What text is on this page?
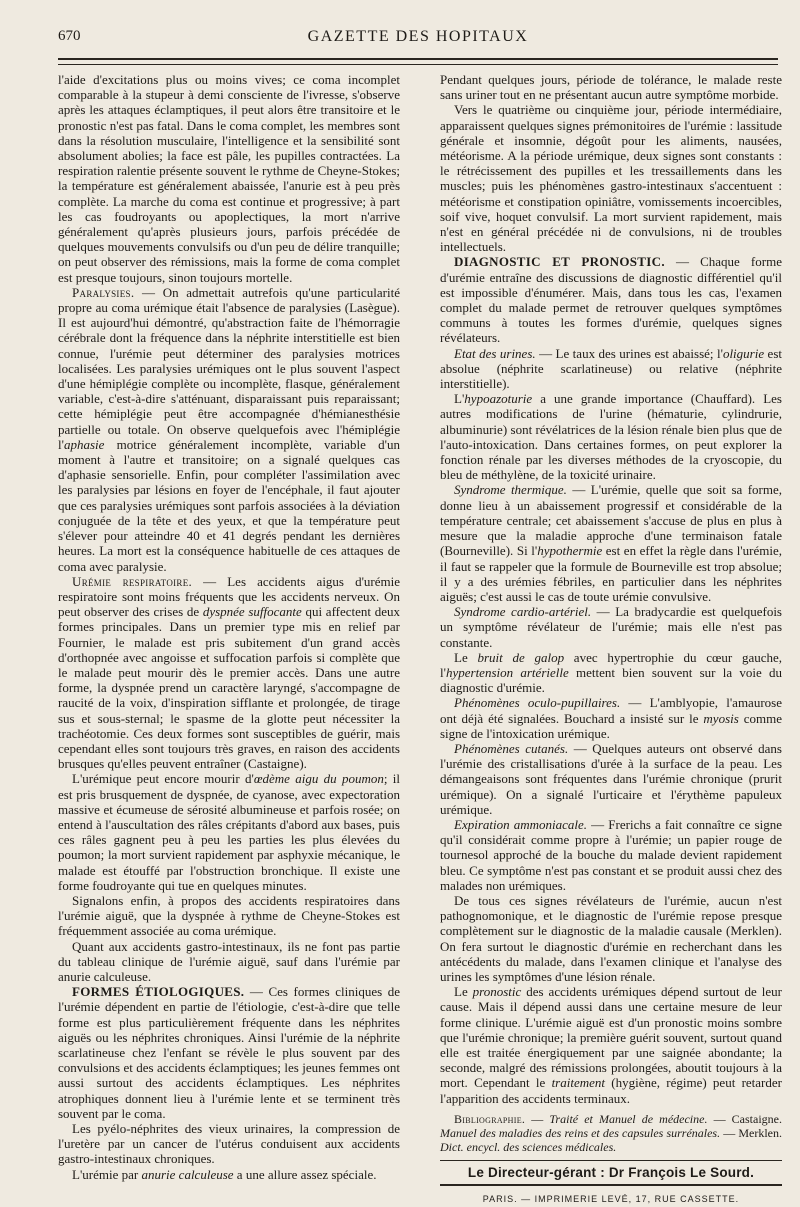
670	GAZETTE DES HOPITAUX

l'aide d'excitations plus ou moins vives; ce coma incomplet comparable à la stupeur à demi consciente de l'ivresse, s'observe après les attaques éclamptiques, il peut alors être transitoire et le pronostic n'est pas fatal. Dans le coma complet, les membres sont dans la résolution musculaire, l'intelligence et la sensibilité sont absolument abolies; la face est pâle, les pupilles contractées. La respiration ralentie présente souvent le rythme de Cheyne-Stokes; la température est généralement abaissée, l'anurie est à peu près complète. La marche du coma est continue et progressive; à part les cas foudroyants ou apoplectiques, la mort n'arrive généralement qu'après plusieurs jours, parfois précédée de quelques mouvements convulsifs ou d'un peu de délire tranquille; on peut observer des rémissions, mais la forme de coma complet est presque toujours, sinon toujours mortelle.

Paralysies. — On admettait autrefois qu'une particularité propre au coma urémique était l'absence de paralysies (Lasègue). Il est aujourd'hui démontré, qu'abstraction faite de l'hémorragie cérébrale dont la fréquence dans la néphrite interstitielle est bien connue, l'urémie peut déterminer des paralysies motrices localisées. Les paralysies urémiques ont le plus souvent l'aspect d'une hémiplégie complète ou incomplète, flasque, généralement variable, c'est-à-dire s'atténuant, disparaissant puis reparaissant; cette hémiplégie peut être accompagnée d'hémianesthésie partielle ou totale. On observe quelquefois avec l'hémiplégie l'aphasie motrice généralement incomplète, variable d'un moment à l'autre et transitoire; on a signalé quelques cas d'aphasie sensorielle. Enfin, pour compléter l'assimilation avec les paralysies par lésions en foyer de l'encéphale, il faut ajouter que ces paralysies urémiques sont parfois associées à la déviation conjuguée de la tête et des yeux, et que la température peut s'élever pour atteindre 40 et 41 degrés pendant les dernières heures. La mort est la conséquence habituelle de ces attaques de coma avec paralysie.

Urémie respiratoire. — Les accidents aigus d'urémie respiratoire sont moins fréquents que les accidents nerveux. On peut observer des crises de dyspnée suffocante qui affectent deux formes principales. Dans un premier type mis en relief par Fournier, le malade est pris subitement d'un grand accès d'orthopnée avec angoisse et suffocation parfois si complète que le malade peut mourir dès le premier accès. Dans une autre forme, la dyspnée prend un caractère laryngé, s'accompagne de raucité de la voix, d'inspiration sifflante et prolongée, de tirage sus et sous-sternal; le spasme de la glotte peut nécessiter la trachéotomie. Ces deux formes sont susceptibles de guérir, mais cependant elles sont toujours très graves, en raison des accidents brusques qu'elles peuvent entraîner (Castaigne).

L'urémique peut encore mourir d'œdème aigu du poumon; il est pris brusquement de dyspnée, de cyanose, avec expectoration massive et écumeuse de sérosité albumineuse et parfois rosée; on entend à l'auscultation des râles crépitants d'abord aux bases, puis ces râles gagnent peu à peu les parties les plus élevées du poumon; la mort survient rapidement par asphyxie mécanique, le malade est étouffé par l'obstruction bronchique. Il existe une forme foudroyante qui tue en quelques minutes.

Signalons enfin, à propos des accidents respiratoires dans l'urémie aiguë, que la dyspnée à rythme de Cheyne-Stokes est fréquemment associée au coma urémique.

Quant aux accidents gastro-intestinaux, ils ne font pas partie du tableau clinique de l'urémie aiguë, sauf dans l'urémie par anurie calculeuse.

FORMES ÉTIOLOGIQUES. — Ces formes cliniques de l'urémie dépendent en partie de l'étiologie, c'est-à-dire que telle forme est plus particulièrement fréquente dans les néphrites aiguës ou les néphrites chroniques. Ainsi l'urémie de la néphrite scarlatineuse chez l'enfant se révèle le plus souvent par des convulsions et des accidents éclamptiques; les jeunes femmes ont aussi surtout des accidents éclamptiques. Les néphrites atrophiques donnent lieu à l'urémie lente et se terminent très souvent par le coma.

Les pyélo-néphrites des vieux urinaires, la compression de l'uretère par un cancer de l'utérus conduisent aux accidents gastro-intestinaux chroniques.

L'urémie par anurie calculeuse a une allure assez spéciale.

Pendant quelques jours, période de tolérance, le malade reste sans uriner tout en ne présentant aucun autre symptôme morbide.

Vers le quatrième ou cinquième jour, période intermédiaire, apparaissent quelques signes prémonitoires de l'urémie : lassitude générale et insomnie, dégoût pour les aliments, nausées, météorisme. A la période urémique, deux signes sont constants : le rétrécissement des pupilles et les tressaillements dans les muscles; puis les phénomènes gastro-intestinaux s'accentuent : météorisme et constipation opiniâtre, vomissements incoercibles, soif vive, hoquet convulsif. La mort survient rapidement, mais n'est en général précédée ni de convulsions, ni de troubles intellectuels.

DIAGNOSTIC ET PRONOSTIC. — Chaque forme d'urémie entraîne des discussions de diagnostic différentiel qu'il est impossible d'énumérer. Mais, dans tous les cas, l'examen complet du malade permet de retrouver quelques symptômes communs à toutes les formes d'urémie, quelques signes révélateurs.

Etat des urines. — Le taux des urines est abaissé; l'oligurie est absolue (néphrite scarlatineuse) ou relative (néphrite interstitielle).

L'hypoazoturie a une grande importance (Chauffard). Les autres modifications de l'urine (hématurie, cylindrurie, albuminurie) sont révélatrices de la lésion rénale bien plus que de l'auto-intoxication. Dans certaines formes, on peut explorer la fonction rénale par les diverses méthodes de la cryoscopie, du bleu de méthylène, de la toxicité urinaire.

Syndrome thermique. — L'urémie, quelle que soit sa forme, donne lieu à un abaissement progressif et considérable de la température centrale; cet abaissement s'accuse de plus en plus à mesure que la maladie approche d'une terminaison fatale (Bourneville). Si l'hypothermie est en effet la règle dans l'urémie, il faut se rappeler que la formule de Bourneville est trop absolue; il y a des urémies fébriles, en particulier dans les néphrites aiguës; c'est aussi le cas de toute urémie convulsive.

Syndrome cardio-artériel. — La bradycardie est quelquefois un symptôme révélateur de l'urémie; mais elle n'est pas constante.

Le bruit de galop avec hypertrophie du cœur gauche, l'hypertension artérielle mettent bien souvent sur la voie du diagnostic d'urémie.

Phénomènes oculo-pupillaires. — L'amblyopie, l'amaurose ont déjà été signalées. Bouchard a insisté sur le myosis comme signe de l'intoxication urémique.

Phénomènes cutanés. — Quelques auteurs ont observé dans l'urémie des cristallisations d'urée à la surface de la peau. Les démangeaisons sont fréquentes dans l'urémie chronique (prurit urémique). On a signalé l'urticaire et l'érythème papuleux urémique.

Expiration ammoniacale. — Frerichs a fait connaître ce signe qu'il considérait comme propre à l'urémie; un papier rouge de tournesol approché de la bouche du malade devient rapidement bleu. Ce symptôme n'est pas constant et se produit aussi chez des malades non urémiques.

De tous ces signes révélateurs de l'urémie, aucun n'est pathognomonique, et le diagnostic de l'urémie repose presque complètement sur le diagnostic de la maladie causale (Merklen). On fera surtout le diagnostic d'urémie en recherchant dans les antécédents du malade, dans l'examen clinique et l'analyse des urines les symptômes d'une lésion rénale.

Le pronostic des accidents urémiques dépend surtout de leur cause. Mais il dépend aussi dans une certaine mesure de leur forme clinique. L'urémie aiguë est d'un pronostic moins sombre que l'urémie chronique; la première guérit souvent, surtout quand elle est traitée énergiquement par une saignée abondante; la seconde, malgré des rémissions prolongées, aboutit toujours à la mort. Cependant le traitement (hygiène, régime) peut retarder l'apparition des accidents terminaux.

Bibliographie. — Traité et Manuel de médecine. — Castaigne. Manuel des maladies des reins et des capsules surrénales. — Merklen. Dict. encycl. des sciences médicales.

Le Directeur-gérant : Dr François Le Sourd.
PARIS. — IMPRIMERIE LEVÉ, 17, RUE CASSETTE.
